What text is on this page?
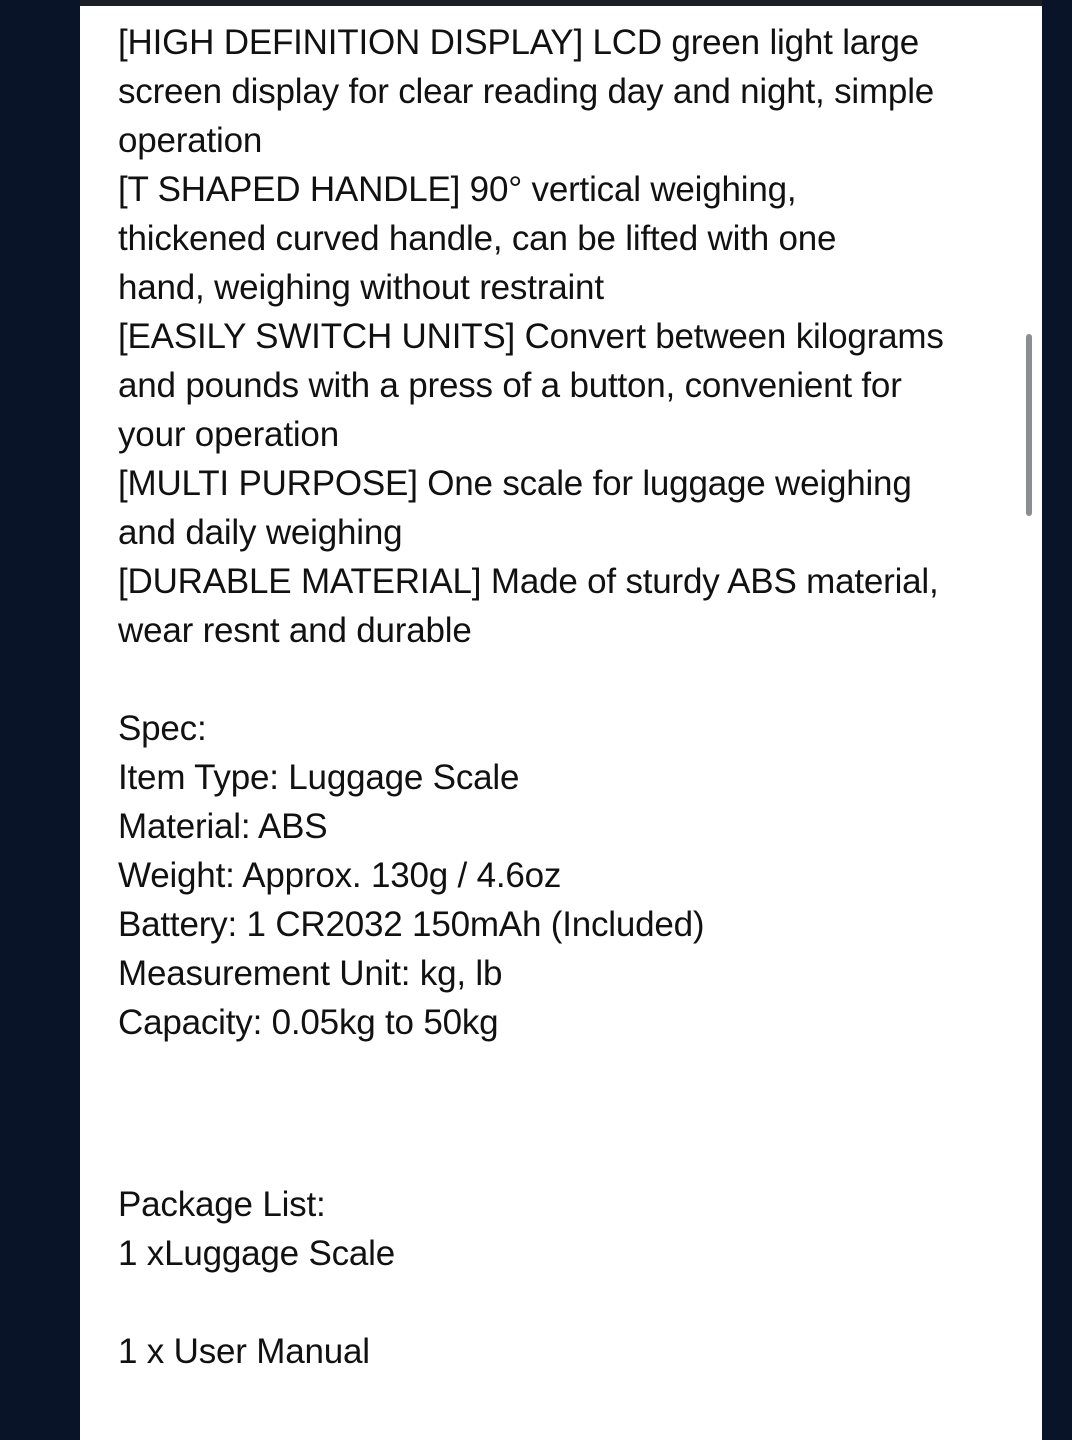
[HIGH DEFINITION DISPLAY] LCD green light large
screen display for clear reading day and night, simple
operation
[T SHAPED HANDLE] 90° vertical weighing,
thickened curved handle, can be lifted with one
hand, weighing without restraint
[EASILY SWITCH UNITS] Convert between kilograms
and pounds with a press of a button, convenient for
your operation
[MULTI PURPOSE] One scale for luggage weighing
and daily weighing
[DURABLE MATERIAL] Made of sturdy ABS material,
wear resnt and durable
Spec:
Item Type: Luggage Scale
Material: ABS
Weight: Approx. 130g / 4.6oz
Battery: 1 CR2032 150mAh (Included)
Measurement Unit: kg, lb
Capacity: 0.05kg to 50kg
Package List:
1 xLuggage Scale
1 x User Manual
